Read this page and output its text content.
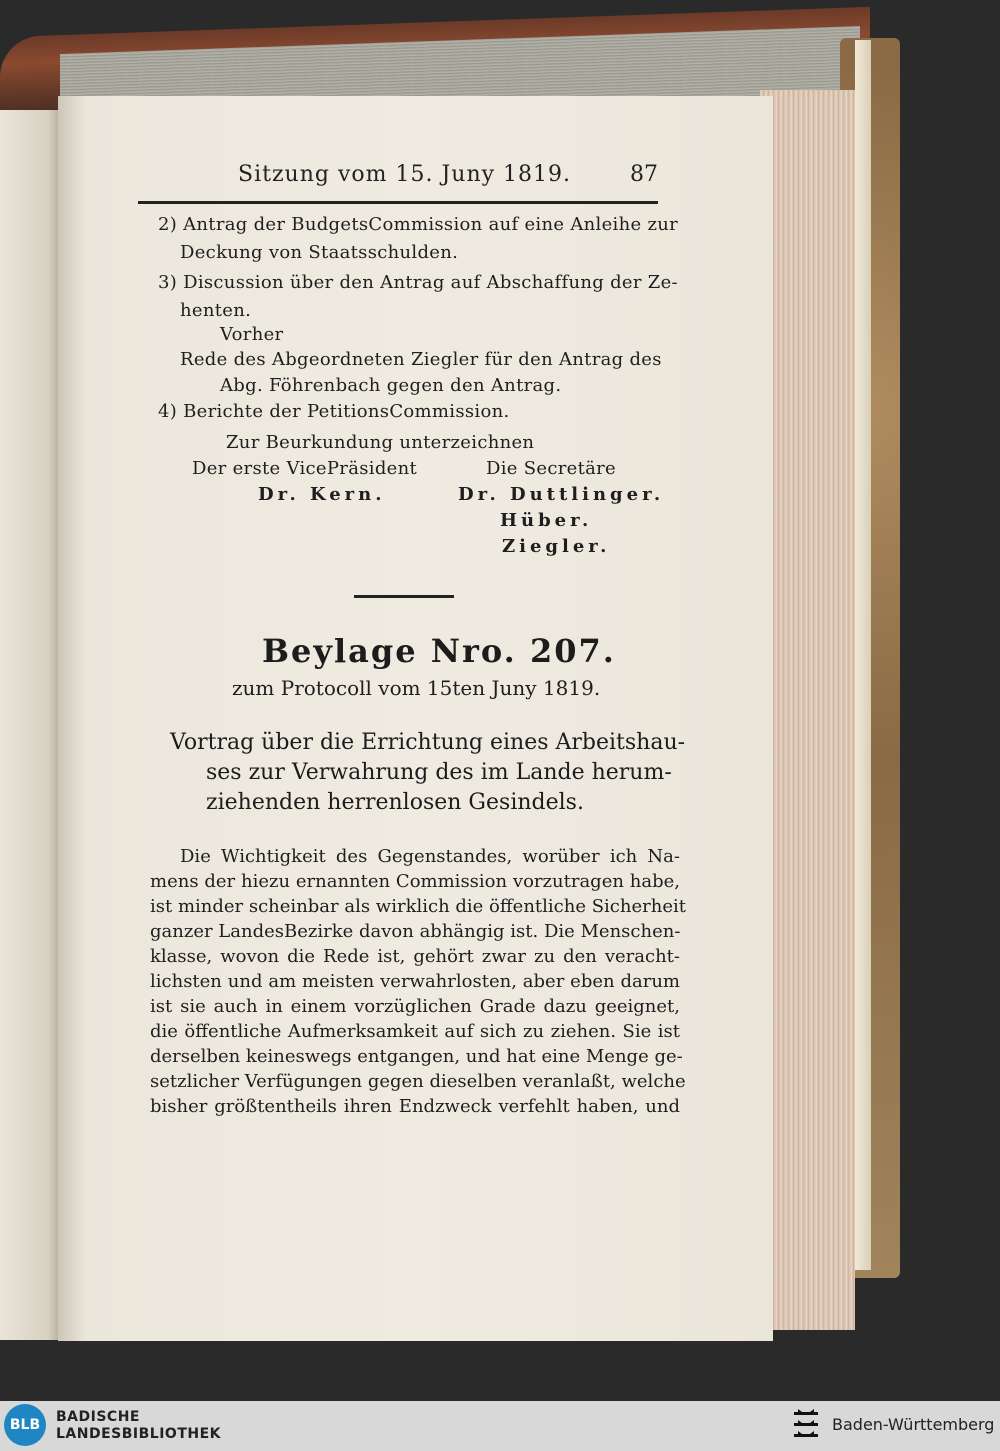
Sitzung vom 15. Juny 1819.	87
2) Antrag der BudgetsCommission auf eine Anleihe zur
Deckung von Staatsschulden.
3) Discussion über den Antrag auf Abschaffung der Ze-
henten.
Vorher
Rede des Abgeordneten Ziegler für den Antrag des
Abg. Föhrenbach gegen den Antrag.
4) Berichte der PetitionsCommission.
Zur Beurkundung unterzeichnen
Der erste VicePräsident	Die Secretäre
Dr. Kern.	Dr. Duttlinger.
Hüber.
Ziegler.
Beylage Nro. 207.
zum Protocoll vom 15ten Juny 1819.
Vortrag über die Errichtung eines Arbeitshau-
ses zur Verwahrung des im Lande herum-
ziehenden herrenlosen Gesindels.
Die Wichtigkeit des Gegenstandes, worüber ich Na-
mens der hiezu ernannten Commission vorzutragen habe,
ist minder scheinbar als wirklich die öffentliche Sicherheit
ganzer LandesBezirke davon abhängig ist. Die Menschen-
klasse, wovon die Rede ist, gehört zwar zu den veracht-
lichsten und am meisten verwahrlosten, aber eben darum
ist sie auch in einem vorzüglichen Grade dazu geeignet,
die öffentliche Aufmerksamkeit auf sich zu ziehen. Sie ist
derselben keineswegs entgangen, und hat eine Menge ge-
setzlicher Verfügungen gegen dieselben veranlaßt, welche
bisher größtentheils ihren Endzweck verfehlt haben, und
BLB	BADISCHE
LANDESBIBLIOTHEK	Baden-Württemberg
